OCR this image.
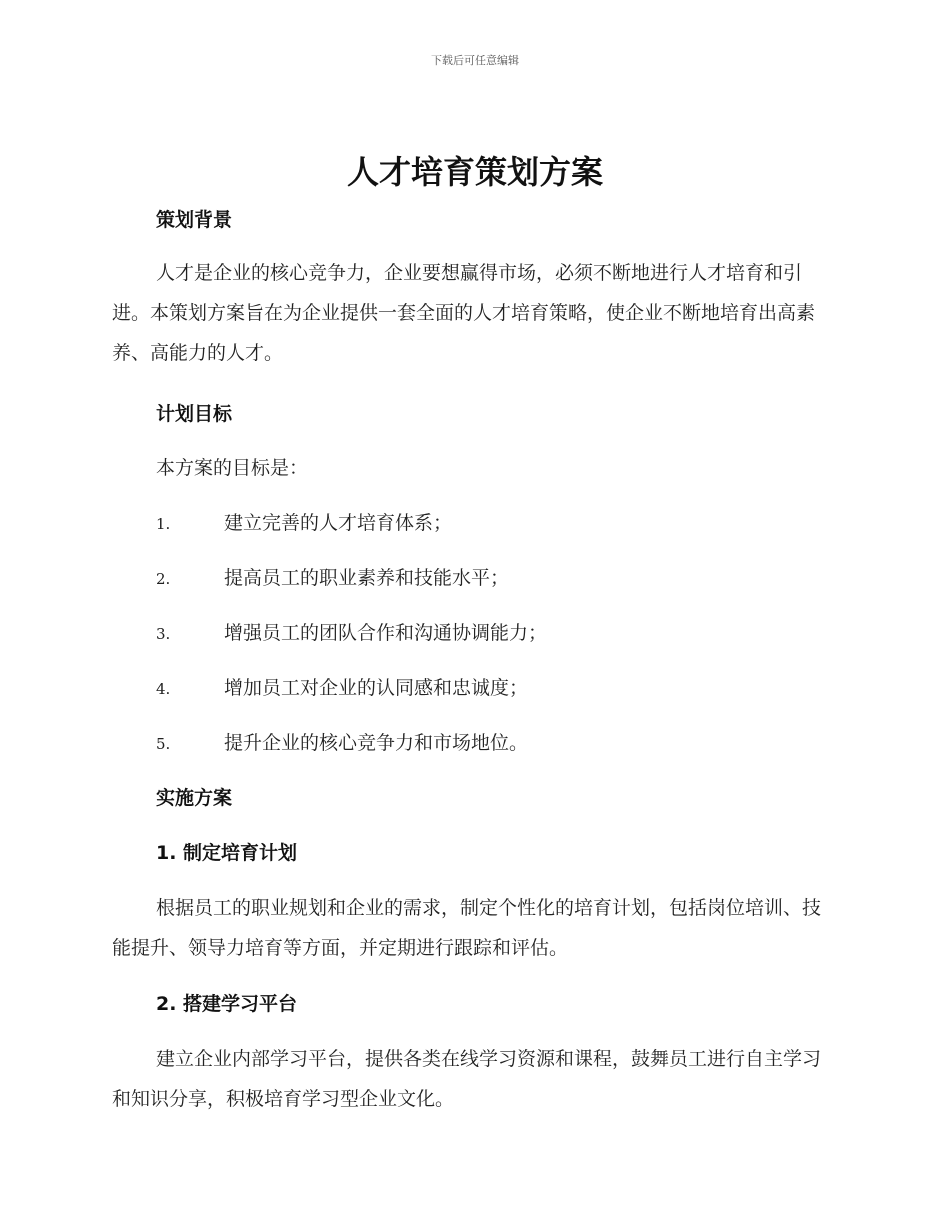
下载后可任意编辑
人才培育策划方案
策划背景

人才是企业的核心竞争力，企业要想赢得市场，必须不断地进行人才培育和引进。本策划方案旨在为企业提供一套全面的人才培育策略，使企业不断地培育出高素养、高能力的人才。

计划目标
本方案的目标是：
1.	建立完善的人才培育体系；
2.	提高员工的职业素养和技能水平；
3.	增强员工的团队合作和沟通协调能力；
4.	增加员工对企业的认同感和忠诚度；
5.	提升企业的核心竞争力和市场地位。
实施方案
1. 制定培育计划

根据员工的职业规划和企业的需求，制定个性化的培育计划，包括岗位培训、技能提升、领导力培育等方面，并定期进行跟踪和评估。

2. 搭建学习平台

建立企业内部学习平台，提供各类在线学习资源和课程，鼓舞员工进行自主学习和知识分享，积极培育学习型企业文化。
